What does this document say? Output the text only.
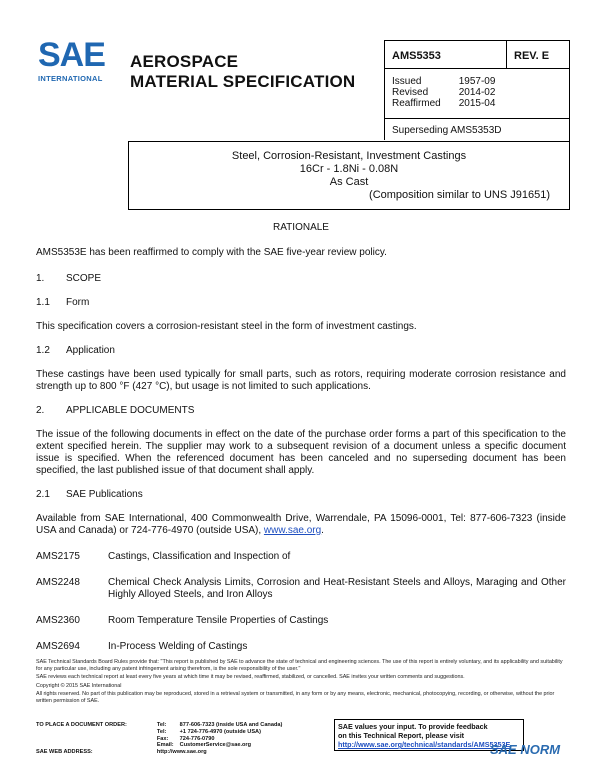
SAE
INTERNATIONAL
AEROSPACE
MATERIAL SPECIFICATION
AMS5353	REV. E
Issued	1957-09
Revised	2014-02
Reaffirmed	2015-04
Superseding AMS5353D
Steel, Corrosion-Resistant, Investment Castings
16Cr - 1.8Ni - 0.08N
As Cast
(Composition similar to UNS J91651)

RATIONALE

AMS5353E has been reaffirmed to comply with the SAE five-year review policy.

1. SCOPE

1.1 Form

This specification covers a corrosion-resistant steel in the form of investment castings.

1.2 Application

These castings have been used typically for small parts, such as rotors, requiring moderate corrosion resistance and strength up to 800 °F (427 °C), but usage is not limited to such applications.

2. APPLICABLE DOCUMENTS

The issue of the following documents in effect on the date of the purchase order forms a part of this specification to the extent specified herein. The supplier may work to a subsequent revision of a document unless a specific document issue is specified. When the referenced document has been canceled and no superseding document has been specified, the last published issue of that document shall apply.

2.1 SAE Publications

Available from SAE International, 400 Commonwealth Drive, Warrendale, PA 15096-0001, Tel: 877-606-7323 (inside USA and Canada) or 724-776-4970 (outside USA), www.sae.org.

AMS2175	Castings, Classification and Inspection of
AMS2248	Chemical Check Analysis Limits, Corrosion and Heat-Resistant Steels and Alloys, Maraging and Other Highly Alloyed Steels, and Iron Alloys
AMS2360	Room Temperature Tensile Properties of Castings
AMS2694	In-Process Welding of Castings

SAE Technical Standards Board Rules provide that: "This report is published by SAE to advance the state of technical and engineering sciences. The use of this report is entirely voluntary, and its applicability and suitability for any particular use, including any patent infringement arising therefrom, is the sole responsibility of the user."

SAE reviews each technical report at least every five years at which time it may be revised, reaffirmed, stabilized, or cancelled. SAE invites your written comments and suggestions.

Copyright © 2015 SAE International

All rights reserved. No part of this publication may be reproduced, stored in a retrieval system or transmitted, in any form or by any means, electronic, mechanical, photocopying, recording, or otherwise, without the prior written permission of SAE.

TO PLACE A DOCUMENT ORDER:		Tel:	877-606-7323 (inside USA and Canada)
		Tel:	+1 724-776-4970 (outside USA)
		Fax:	724-776-0790
		Email:	CustomerService@sae.org
SAE WEB ADDRESS:		http://www.sae.org	
SAE values your input. To provide feedback
on this Technical Report, please visit
http://www.sae.org/technical/standards/AMS5353E
SAE NORM
